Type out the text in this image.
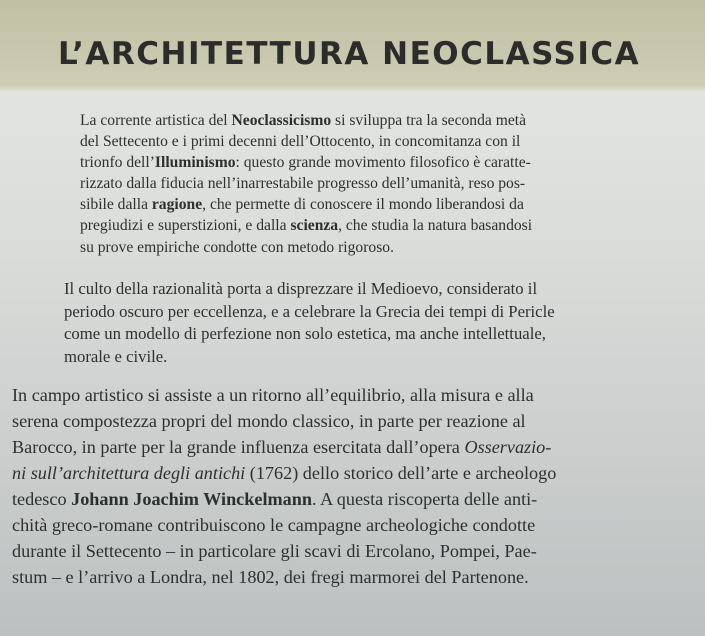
L’ARCHITETTURA NEOCLASSICA

La corrente artistica del Neoclassicismo si sviluppa tra la seconda metà

del Settecento e i primi decenni dell’Ottocento, in concomitanza con il

trionfo dell’Illuminismo: questo grande movimento filosofico è caratte-

rizzato dalla fiducia nell’inarrestabile progresso dell’umanità, reso pos-

sibile dalla ragione, che permette di conoscere il mondo liberandosi da

pregiudizi e superstizioni, e dalla scienza, che studia la natura basandosi

su prove empiriche condotte con metodo rigoroso.

Il culto della razionalità porta a disprezzare il Medioevo, considerato il

periodo oscuro per eccellenza, e a celebrare la Grecia dei tempi di Pericle

come un modello di perfezione non solo estetica, ma anche intellettuale,

morale e civile.

In campo artistico si assiste a un ritorno all’equilibrio, alla misura e alla

serena compostezza propri del mondo classico, in parte per reazione al

Barocco, in parte per la grande influenza esercitata dall’opera Osservazio-

ni sull’architettura degli antichi (1762) dello storico dell’arte e archeologo

tedesco Johann Joachim Winckelmann. A questa riscoperta delle anti-

chità greco-romane contribuiscono le campagne archeologiche condotte

durante il Settecento – in particolare gli scavi di Ercolano, Pompei, Pae-

stum – e l’arrivo a Londra, nel 1802, dei fregi marmorei del Partenone.
